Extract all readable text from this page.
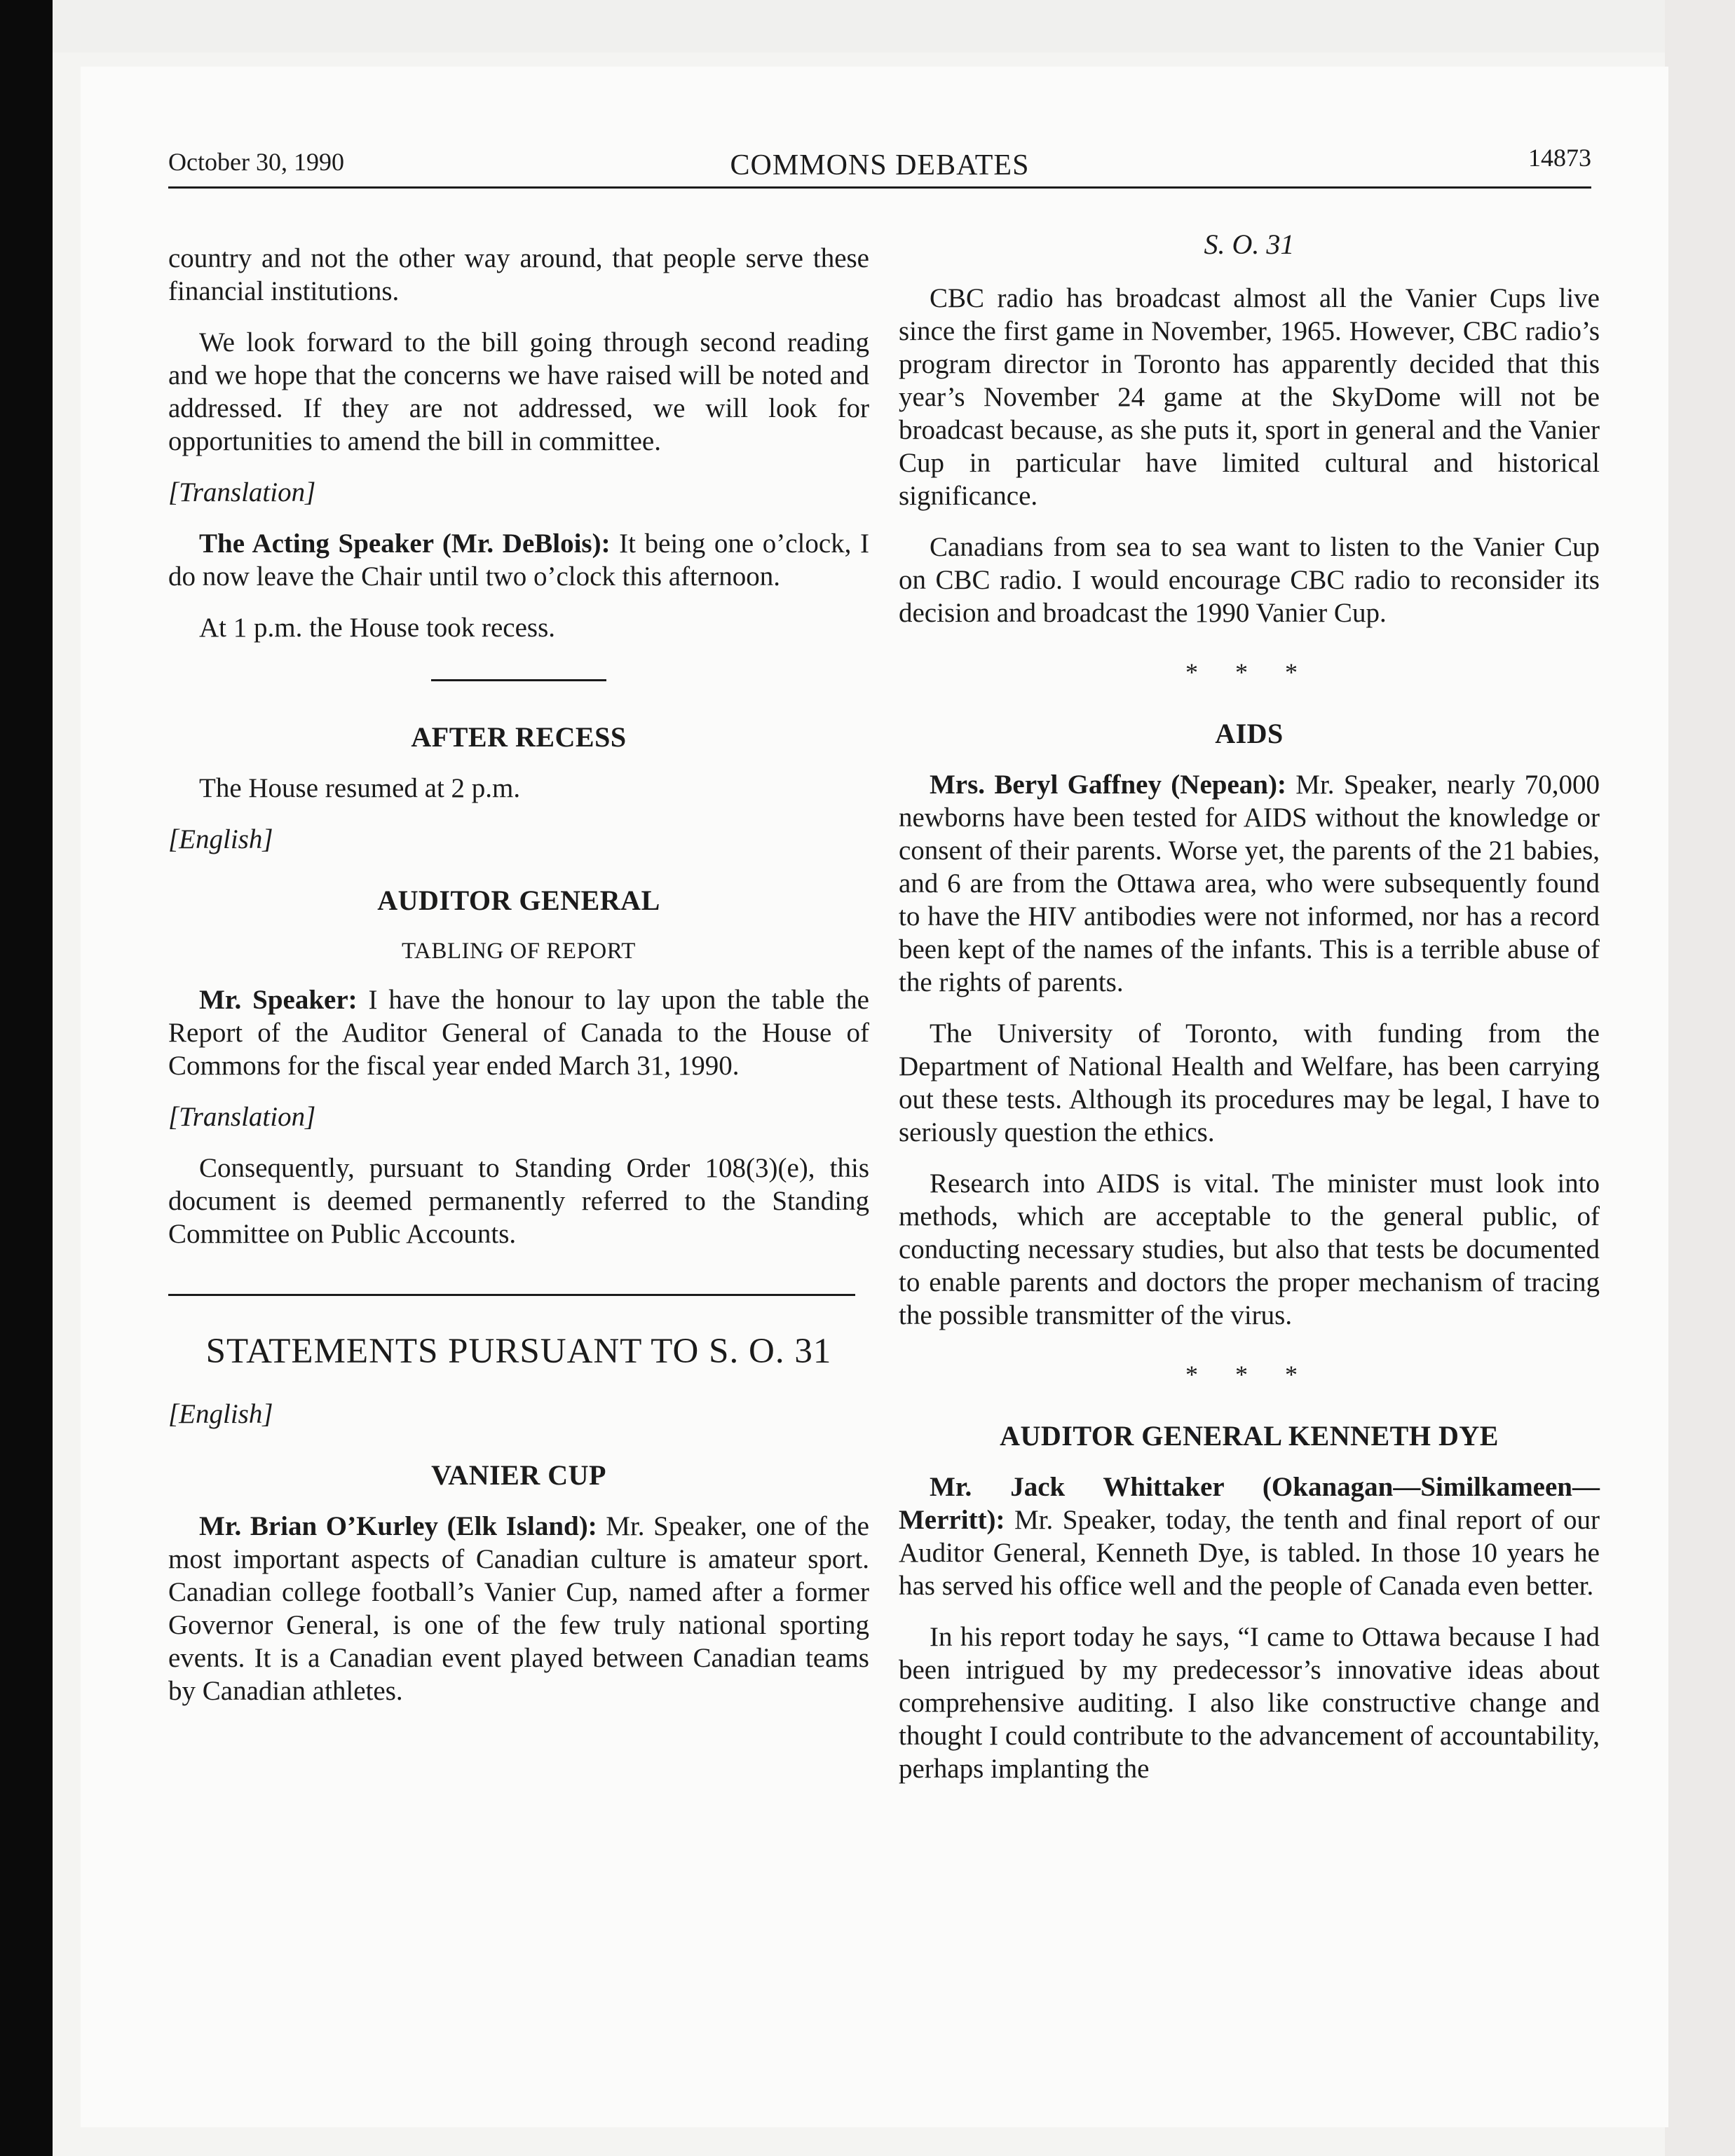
October 30, 1990	COMMONS DEBATES	14873

country and not the other way around, that people serve these financial institutions.

We look forward to the bill going through second reading and we hope that the concerns we have raised will be noted and addressed. If they are not addressed, we will look for opportunities to amend the bill in committee.

[Translation]

The Acting Speaker (Mr. DeBlois): It being one o’clock, I do now leave the Chair until two o’clock this afternoon.

At 1 p.m. the House took recess.

AFTER RECESS

The House resumed at 2 p.m.

[English]
AUDITOR GENERAL
TABLING OF REPORT

Mr. Speaker: I have the honour to lay upon the table the Report of the Auditor General of Canada to the House of Commons for the fiscal year ended March 31, 1990.

[Translation]

Consequently, pursuant to Standing Order 108(3)(e), this document is deemed permanently referred to the Standing Committee on Public Accounts.

STATEMENTS PURSUANT TO S. O. 31
[English]
VANIER CUP

Mr. Brian O’Kurley (Elk Island): Mr. Speaker, one of the most important aspects of Canadian culture is amateur sport. Canadian college football’s Vanier Cup, named after a former Governor General, is one of the few truly national sporting events. It is a Canadian event played between Canadian teams by Canadian athletes.

S. O. 31

CBC radio has broadcast almost all the Vanier Cups live since the first game in November, 1965. However, CBC radio’s program director in Toronto has apparently decided that this year’s November 24 game at the SkyDome will not be broadcast because, as she puts it, sport in general and the Vanier Cup in particular have limited cultural and historical significance.

Canadians from sea to sea want to listen to the Vanier Cup on CBC radio. I would encourage CBC radio to reconsider its decision and broadcast the 1990 Vanier Cup.

* * *
AIDS

Mrs. Beryl Gaffney (Nepean): Mr. Speaker, nearly 70,000 newborns have been tested for AIDS without the knowledge or consent of their parents. Worse yet, the parents of the 21 babies, and 6 are from the Ottawa area, who were subsequently found to have the HIV antibodies were not informed, nor has a record been kept of the names of the infants. This is a terrible abuse of the rights of parents.

The University of Toronto, with funding from the Department of National Health and Welfare, has been carrying out these tests. Although its procedures may be legal, I have to seriously question the ethics.

Research into AIDS is vital. The minister must look into methods, which are acceptable to the general public, of conducting necessary studies, but also that tests be documented to enable parents and doctors the proper mechanism of tracing the possible transmitter of the virus.

* * *
AUDITOR GENERAL KENNETH DYE

Mr. Jack Whittaker (Okanagan—Similkameen—Merritt): Mr. Speaker, today, the tenth and final report of our Auditor General, Kenneth Dye, is tabled. In those 10 years he has served his office well and the people of Canada even better.

In his report today he says, “I came to Ottawa because I had been intrigued by my predecessor’s innovative ideas about comprehensive auditing. I also like constructive change and thought I could contribute to the advancement of accountability, perhaps implanting the
